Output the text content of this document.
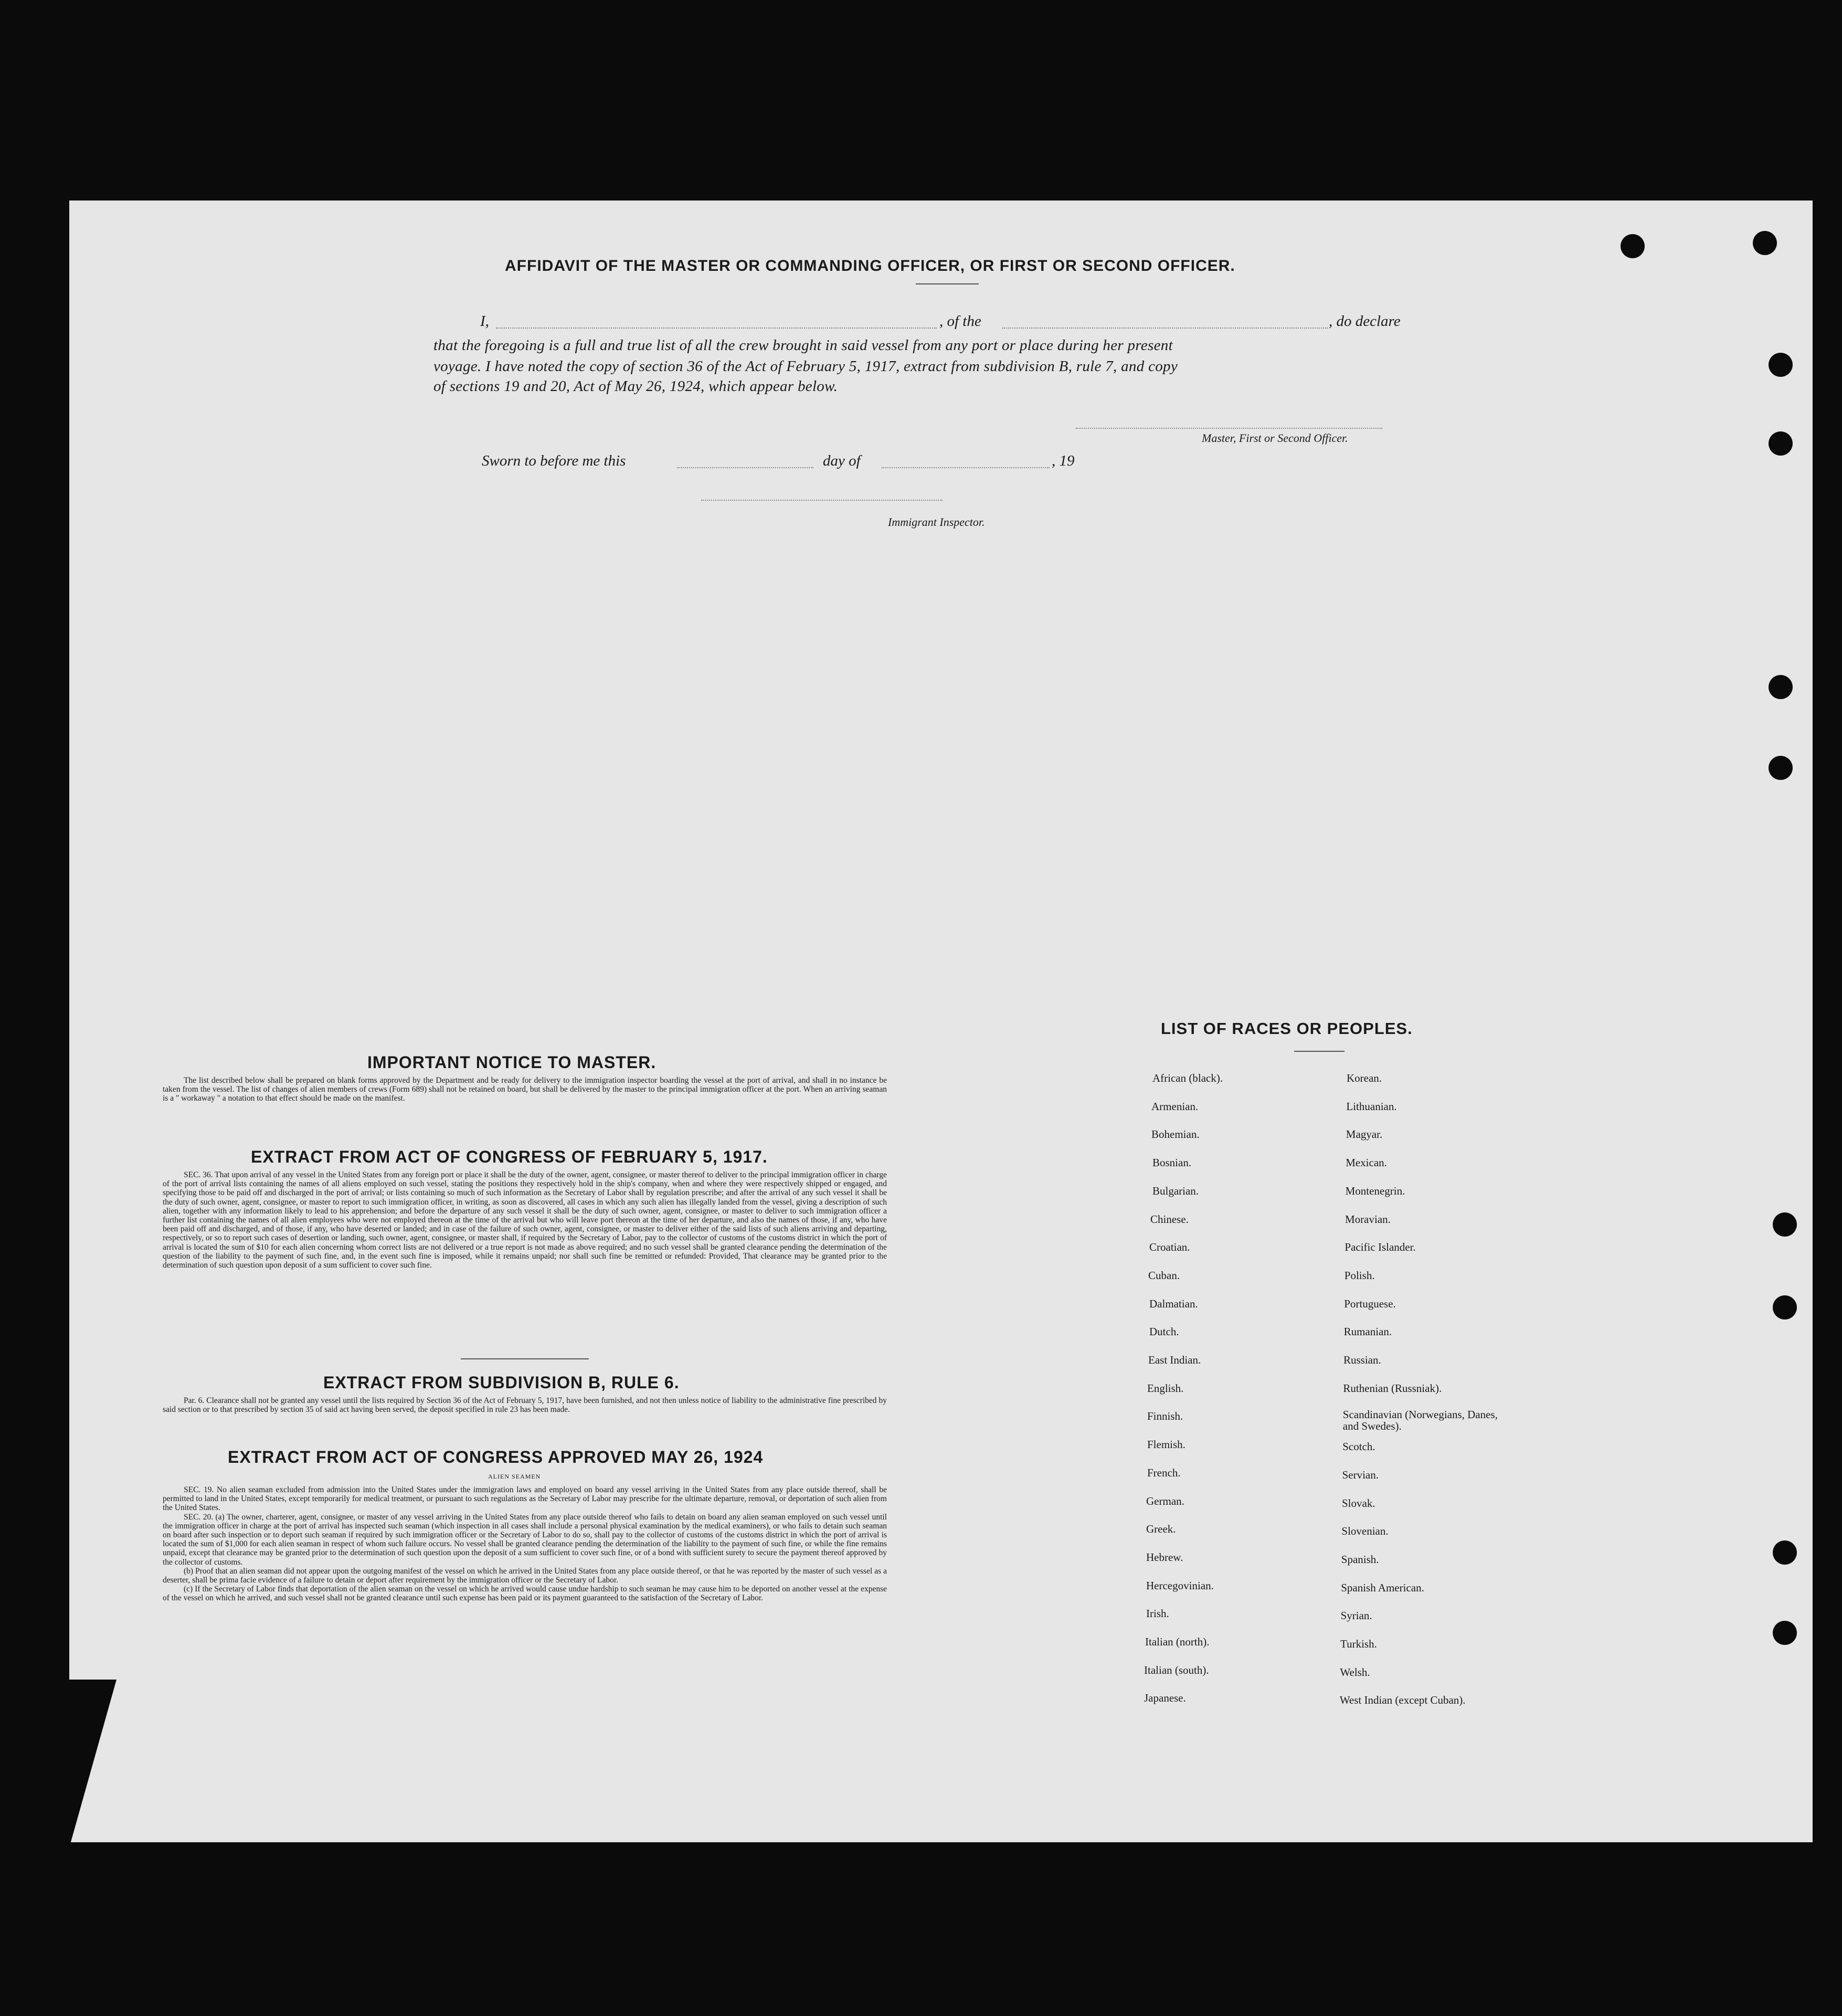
AFFIDAVIT OF THE MASTER OR COMMANDING OFFICER, OR FIRST OR SECOND OFFICER.
I,	, of the	, do declare
that the foregoing is a full and true list of all the crew brought in said vessel from any port or place during her present
voyage. I have noted the copy of section 36 of the Act of February 5, 1917, extract from subdivision B, rule 7, and copy
of sections 19 and 20, Act of May 26, 1924, which appear below.
Master, First or Second Officer.
Sworn to before me this	day of	, 19
Immigrant Inspector.
IMPORTANT NOTICE TO MASTER.

The list described below shall be prepared on blank forms approved by the Department and be ready for delivery to the immigration inspector boarding the vessel at the port of arrival, and shall in no instance be taken from the vessel. The list of changes of alien members of crews (Form 689) shall not be retained on board, but shall be delivered by the master to the principal immigration officer at the port. When an arriving seaman is a " workaway " a notation to that effect should be made on the manifest.

EXTRACT FROM ACT OF CONGRESS OF FEBRUARY 5, 1917.

SEC. 36. That upon arrival of any vessel in the United States from any foreign port or place it shall be the duty of the owner, agent, consignee, or master thereof to deliver to the principal immigration officer in charge of the port of arrival lists containing the names of all aliens employed on such vessel, stating the positions they respectively hold in the ship's company, when and where they were respectively shipped or engaged, and specifying those to be paid off and discharged in the port of arrival; or lists containing so much of such information as the Secretary of Labor shall by regulation prescribe; and after the arrival of any such vessel it shall be the duty of such owner, agent, consignee, or master to report to such immigration officer, in writing, as soon as discovered, all cases in which any such alien has illegally landed from the vessel, giving a description of such alien, together with any information likely to lead to his apprehension; and before the departure of any such vessel it shall be the duty of such owner, agent, consignee, or master to deliver to such immigration officer a further list containing the names of all alien employees who were not employed thereon at the time of the arrival but who will leave port thereon at the time of her departure, and also the names of those, if any, who have been paid off and discharged, and of those, if any, who have deserted or landed; and in case of the failure of such owner, agent, consignee, or master to deliver either of the said lists of such aliens arriving and departing, respectively, or so to report such cases of desertion or landing, such owner, agent, consignee, or master shall, if required by the Secretary of Labor, pay to the collector of customs of the customs district in which the port of arrival is located the sum of $10 for each alien concerning whom correct lists are not delivered or a true report is not made as above required; and no such vessel shall be granted clearance pending the determination of the question of the liability to the payment of such fine, and, in the event such fine is imposed, while it remains unpaid; nor shall such fine be remitted or refunded: Provided, That clearance may be granted prior to the determination of such question upon deposit of a sum sufficient to cover such fine.

EXTRACT FROM SUBDIVISION B, RULE 6.

Par. 6. Clearance shall not be granted any vessel until the lists required by Section 36 of the Act of February 5, 1917, have been furnished, and not then unless notice of liability to the administrative fine prescribed by said section or to that prescribed by section 35 of said act having been served, the deposit specified in rule 23 has been made.

EXTRACT FROM ACT OF CONGRESS APPROVED MAY 26, 1924
ALIEN SEAMEN

SEC. 19. No alien seaman excluded from admission into the United States under the immigration laws and employed on board any vessel arriving in the United States from any place outside thereof, shall be permitted to land in the United States, except temporarily for medical treatment, or pursuant to such regulations as the Secretary of Labor may prescribe for the ultimate departure, removal, or deportation of such alien from the United States.

SEC. 20. (a) The owner, charterer, agent, consignee, or master of any vessel arriving in the United States from any place outside thereof who fails to detain on board any alien seaman employed on such vessel until the immigration officer in charge at the port of arrival has inspected such seaman (which inspection in all cases shall include a personal physical examination by the medical examiners), or who fails to detain such seaman on board after such inspection or to deport such seaman if required by such immigration officer or the Secretary of Labor to do so, shall pay to the collector of customs of the customs district in which the port of arrival is located the sum of $1,000 for each alien seaman in respect of whom such failure occurs. No vessel shall be granted clearance pending the determination of the liability to the payment of such fine, or while the fine remains unpaid, except that clearance may be granted prior to the determination of such question upon the deposit of a sum sufficient to cover such fine, or of a bond with sufficient surety to secure the payment thereof approved by the collector of customs.

(b) Proof that an alien seaman did not appear upon the outgoing manifest of the vessel on which he arrived in the United States from any place outside thereof, or that he was reported by the master of such vessel as a deserter, shall be prima facie evidence of a failure to detain or deport after requirement by the immigration officer or the Secretary of Labor.

(c) If the Secretary of Labor finds that deportation of the alien seaman on the vessel on which he arrived would cause undue hardship to such seaman he may cause him to be deported on another vessel at the expense of the vessel on which he arrived, and such vessel shall not be granted clearance until such expense has been paid or its payment guaranteed to the satisfaction of the Secretary of Labor.

LIST OF RACES OR PEOPLES.
African (black).
Armenian.
Bohemian.
Bosnian.
Bulgarian.
Chinese.
Croatian.
Cuban.
Dalmatian.
Dutch.
East Indian.
English.
Finnish.
Flemish.
French.
German.
Greek.
Hebrew.
Hercegovinian.
Irish.
Italian (north).
Italian (south).
Japanese.
Korean.
Lithuanian.
Magyar.
Mexican.
Montenegrin.
Moravian.
Pacific Islander.
Polish.
Portuguese.
Rumanian.
Russian.
Ruthenian (Russniak).
Scandinavian (Norwegians, Danes, and Swedes).
Scotch.
Servian.
Slovak.
Slovenian.
Spanish.
Spanish American.
Syrian.
Turkish.
Welsh.
West Indian (except Cuban).
